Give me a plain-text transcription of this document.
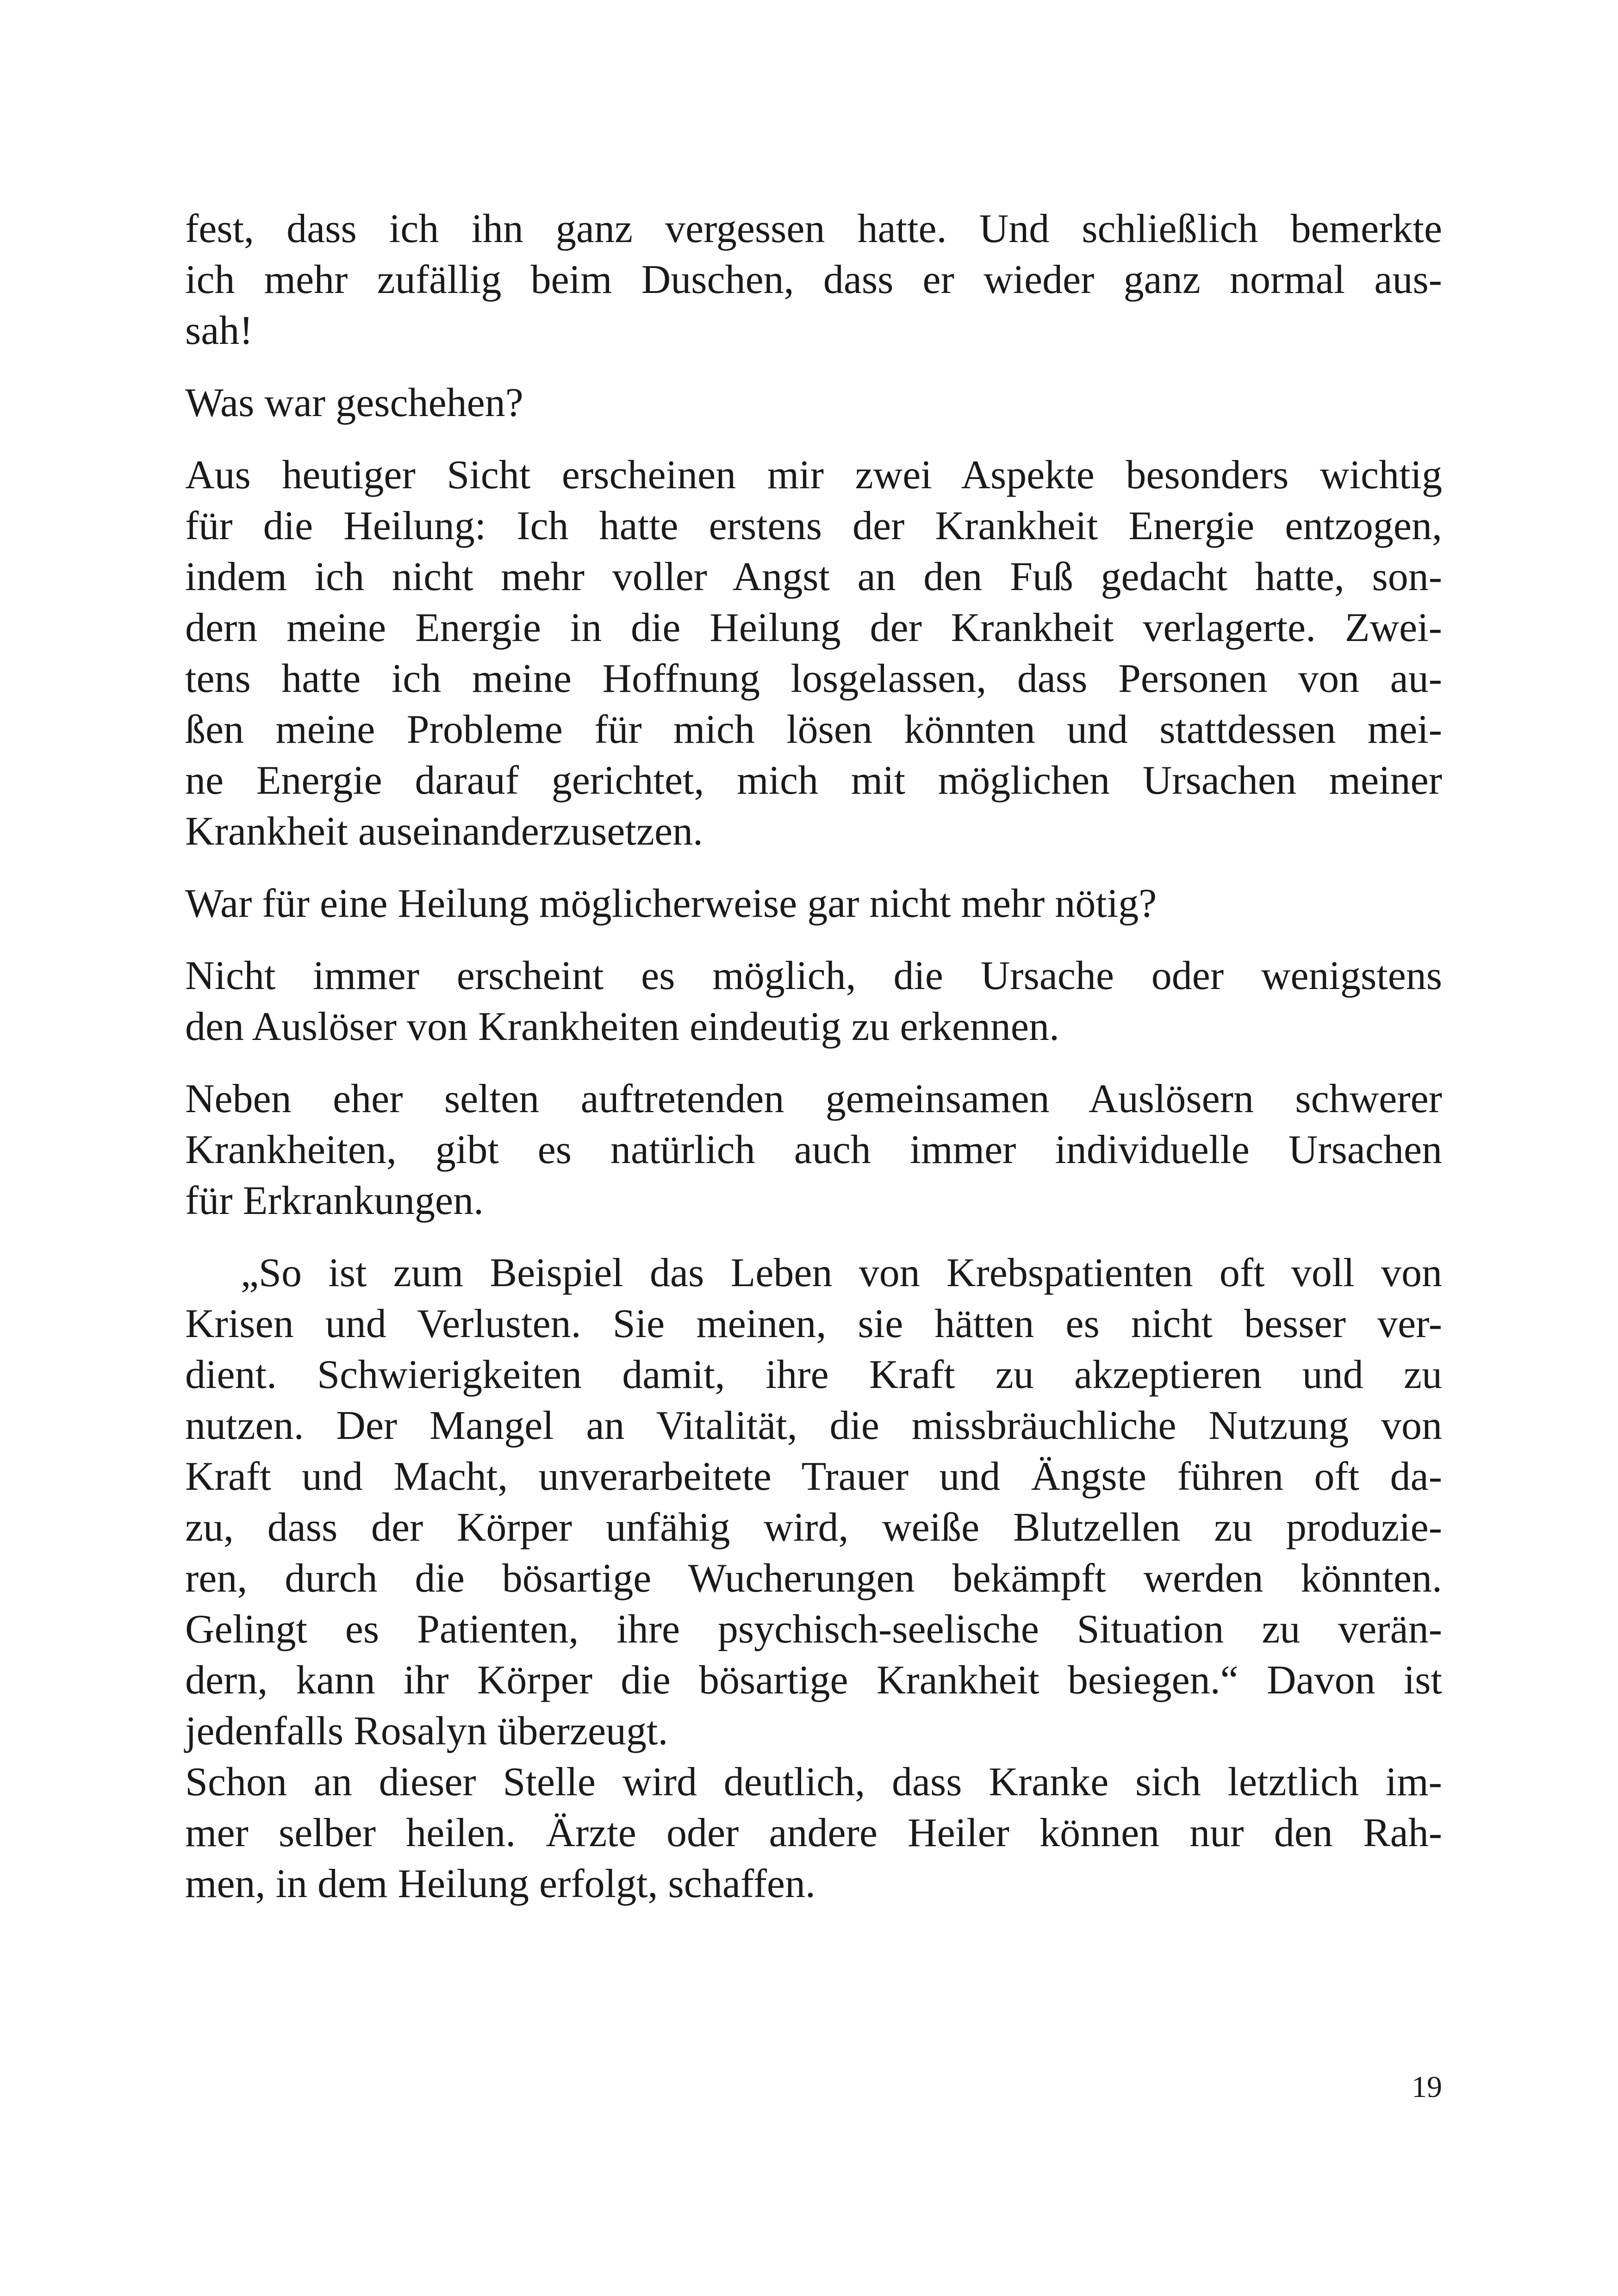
fest, dass ich ihn ganz vergessen hatte. Und schließlich bemerkte
ich mehr zufällig beim Duschen, dass er wieder ganz normal aus-
sah!
Was war geschehen?
Aus heutiger Sicht erscheinen mir zwei Aspekte besonders wichtig
für die Heilung: Ich hatte erstens der Krankheit Energie entzogen,
indem ich nicht mehr voller Angst an den Fuß gedacht hatte, son-
dern meine Energie in die Heilung der Krankheit verlagerte. Zwei-
tens hatte ich meine Hoffnung losgelassen, dass Personen von au-
ßen meine Probleme für mich lösen könnten und stattdessen mei-
ne Energie darauf gerichtet, mich mit möglichen Ursachen meiner
Krankheit auseinanderzusetzen.
War für eine Heilung möglicherweise gar nicht mehr nötig?
Nicht immer erscheint es möglich, die Ursache oder wenigstens
den Auslöser von Krankheiten eindeutig zu erkennen.
Neben eher selten auftretenden gemeinsamen Auslösern schwerer
Krankheiten, gibt es natürlich auch immer individuelle Ursachen
für Erkrankungen.
„So ist zum Beispiel das Leben von Krebspatienten oft voll von
Krisen und Verlusten. Sie meinen, sie hätten es nicht besser ver-
dient. Schwierigkeiten damit, ihre Kraft zu akzeptieren und zu
nutzen. Der Mangel an Vitalität, die missbräuchliche Nutzung von
Kraft und Macht, unverarbeitete Trauer und Ängste führen oft da-
zu, dass der Körper unfähig wird, weiße Blutzellen zu produzie-
ren, durch die bösartige Wucherungen bekämpft werden könnten.
Gelingt es Patienten, ihre psychisch-seelische Situation zu verän-
dern, kann ihr Körper die bösartige Krankheit besiegen.“ Davon ist
jedenfalls Rosalyn überzeugt.
Schon an dieser Stelle wird deutlich, dass Kranke sich letztlich im-
mer selber heilen. Ärzte oder andere Heiler können nur den Rah-
men, in dem Heilung erfolgt, schaffen.
19
